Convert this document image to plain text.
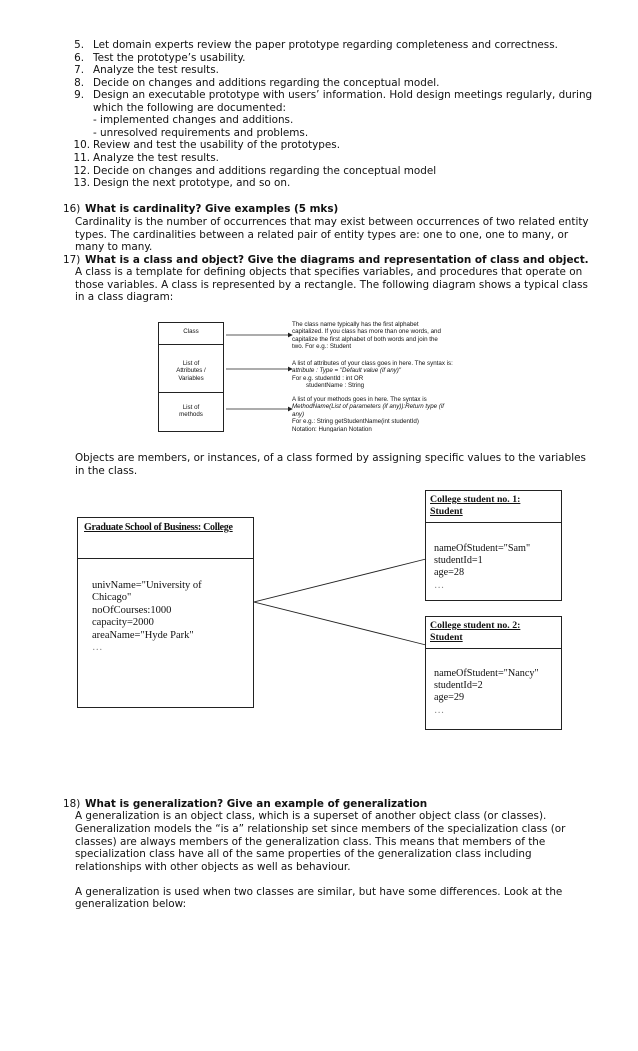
5. Let domain experts review the paper prototype regarding completeness and correctness.
6. Test the prototype’s usability.
7. Analyze the test results.
8. Decide on changes and additions regarding the conceptual model.
9. Design an executable prototype with users’ information. Hold design meetings regularly, during
which the following are documented:
- implemented changes and additions.
- unresolved requirements and problems.
10. Review and test the usability of the prototypes.
11. Analyze the test results.
12. Decide on changes and additions regarding the conceptual model
13. Design the next prototype, and so on.
16) What is cardinality? Give examples (5 mks)
Cardinality is the number of occurrences that may exist between occurrences of two related entity
types. The cardinalities between a related pair of entity types are: one to one, one to many, or
many to many.
17) What is a class and object? Give the diagrams and representation of class and object.
A class is a template for defining objects that specifies variables, and procedures that operate on
those variables. A class is represented by a rectangle. The following diagram shows a typical class
in a class diagram:
Class
List of
Attributes /
Variables
List of
methods
The class name typically has the first alphabet
capitalized. If you class has more than one words, and
capitalize the first alphabet of both words and join the
two. For e.g.: Student
A list of attributes of your class goes in here. The syntax is:
attribute : Type = "Default value (if any)"
For e.g. studentId : int OR
studentName : String
A list of your methods goes in here. The syntax is
MethodName(List of parameters (if any)):Return type (if
any)
For e.g.: String getStudentName(int studentId)
Notation: Hungarian Notation
Objects are members, or instances, of a class formed by assigning specific values to the variables
in the class.
Graduate School of Business: College
univName="University of
Chicago"
noOfCourses:1000
capacity=2000
areaName="Hyde Park"
…
College student no. 1:
Student
nameOfStudent="Sam"
studentId=1
age=28
…
College student no. 2:
Student
nameOfStudent="Nancy"
studentId=2
age=29
…
18) What is generalization? Give an example of generalization
A generalization is an object class, which is a superset of another object class (or classes).
Generalization models the “is a” relationship set since members of the specialization class (or
classes) are always members of the generalization class. This means that members of the
specialization class have all of the same properties of the generalization class including
relationships with other objects as well as behaviour.
A generalization is used when two classes are similar, but have some differences. Look at the
generalization below:
